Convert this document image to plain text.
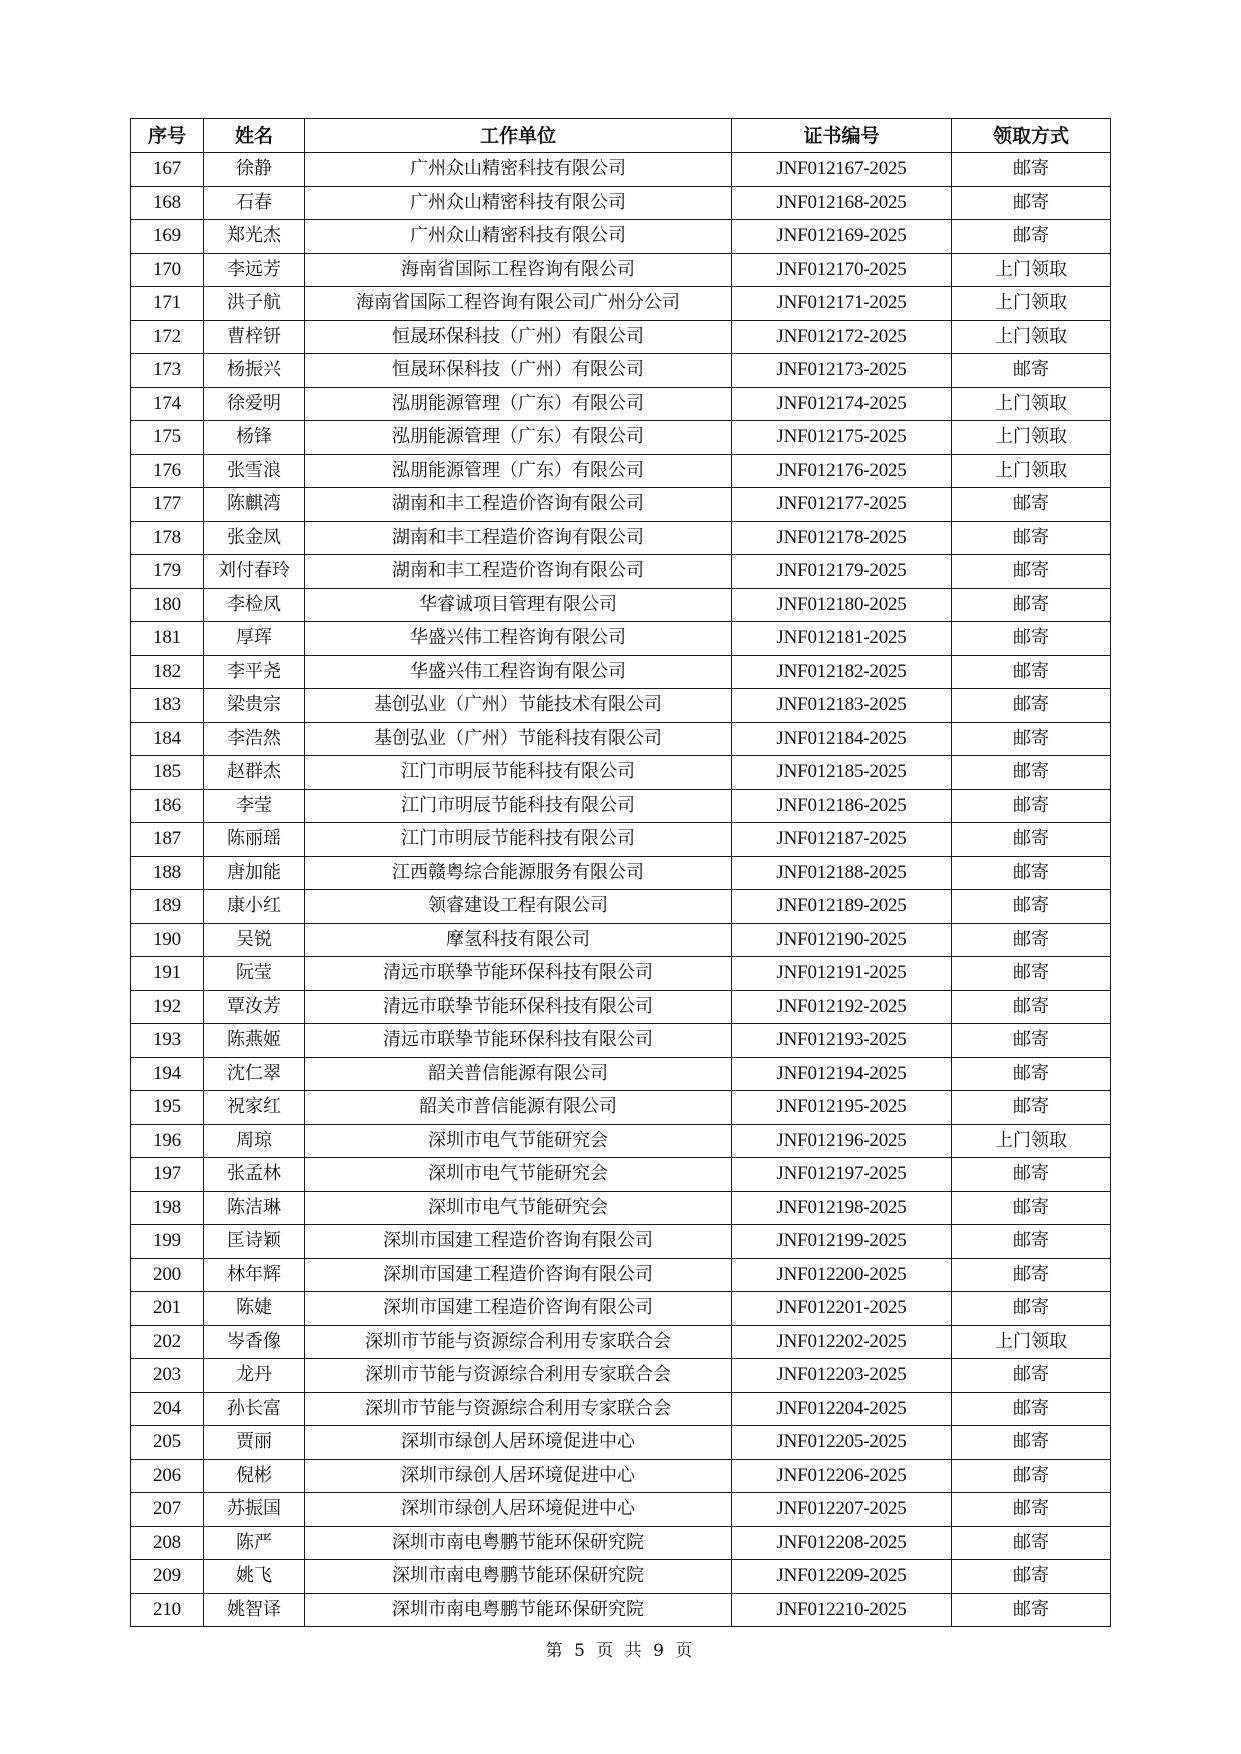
序号	姓名	工作单位	证书编号	领取方式
167	徐静	广州众山精密科技有限公司	JNF012167-2025	邮寄
168	石春	广州众山精密科技有限公司	JNF012168-2025	邮寄
169	郑光杰	广州众山精密科技有限公司	JNF012169-2025	邮寄
170	李远芳	海南省国际工程咨询有限公司	JNF012170-2025	上门领取
171	洪子航	海南省国际工程咨询有限公司广州分公司	JNF012171-2025	上门领取
172	曹梓钘	恒晟环保科技（广州）有限公司	JNF012172-2025	上门领取
173	杨振兴	恒晟环保科技（广州）有限公司	JNF012173-2025	邮寄
174	徐爱明	泓朋能源管理（广东）有限公司	JNF012174-2025	上门领取
175	杨锋	泓朋能源管理（广东）有限公司	JNF012175-2025	上门领取
176	张雪浪	泓朋能源管理（广东）有限公司	JNF012176-2025	上门领取
177	陈麒湾	湖南和丰工程造价咨询有限公司	JNF012177-2025	邮寄
178	张金凤	湖南和丰工程造价咨询有限公司	JNF012178-2025	邮寄
179	刘付春玲	湖南和丰工程造价咨询有限公司	JNF012179-2025	邮寄
180	李检凤	华睿诚项目管理有限公司	JNF012180-2025	邮寄
181	厚珲	华盛兴伟工程咨询有限公司	JNF012181-2025	邮寄
182	李平尧	华盛兴伟工程咨询有限公司	JNF012182-2025	邮寄
183	梁贵宗	基创弘业（广州）节能技术有限公司	JNF012183-2025	邮寄
184	李浩然	基创弘业（广州）节能科技有限公司	JNF012184-2025	邮寄
185	赵群杰	江门市明辰节能科技有限公司	JNF012185-2025	邮寄
186	李莹	江门市明辰节能科技有限公司	JNF012186-2025	邮寄
187	陈丽瑶	江门市明辰节能科技有限公司	JNF012187-2025	邮寄
188	唐加能	江西赣粤综合能源服务有限公司	JNF012188-2025	邮寄
189	康小红	领睿建设工程有限公司	JNF012189-2025	邮寄
190	吴锐	摩氢科技有限公司	JNF012190-2025	邮寄
191	阮莹	清远市联挚节能环保科技有限公司	JNF012191-2025	邮寄
192	覃汝芳	清远市联挚节能环保科技有限公司	JNF012192-2025	邮寄
193	陈燕姬	清远市联挚节能环保科技有限公司	JNF012193-2025	邮寄
194	沈仁翠	韶关普信能源有限公司	JNF012194-2025	邮寄
195	祝家红	韶关市普信能源有限公司	JNF012195-2025	邮寄
196	周琼	深圳市电气节能研究会	JNF012196-2025	上门领取
197	张孟林	深圳市电气节能研究会	JNF012197-2025	邮寄
198	陈洁琳	深圳市电气节能研究会	JNF012198-2025	邮寄
199	匡诗颖	深圳市国建工程造价咨询有限公司	JNF012199-2025	邮寄
200	林年辉	深圳市国建工程造价咨询有限公司	JNF012200-2025	邮寄
201	陈婕	深圳市国建工程造价咨询有限公司	JNF012201-2025	邮寄
202	岑香像	深圳市节能与资源综合利用专家联合会	JNF012202-2025	上门领取
203	龙丹	深圳市节能与资源综合利用专家联合会	JNF012203-2025	邮寄
204	孙长富	深圳市节能与资源综合利用专家联合会	JNF012204-2025	邮寄
205	贾丽	深圳市绿创人居环境促进中心	JNF012205-2025	邮寄
206	倪彬	深圳市绿创人居环境促进中心	JNF012206-2025	邮寄
207	苏振国	深圳市绿创人居环境促进中心	JNF012207-2025	邮寄
208	陈严	深圳市南电粤鹏节能环保研究院	JNF012208-2025	邮寄
209	姚飞	深圳市南电粤鹏节能环保研究院	JNF012209-2025	邮寄
210	姚智译	深圳市南电粤鹏节能环保研究院	JNF012210-2025	邮寄
第 5 页 共 9 页
